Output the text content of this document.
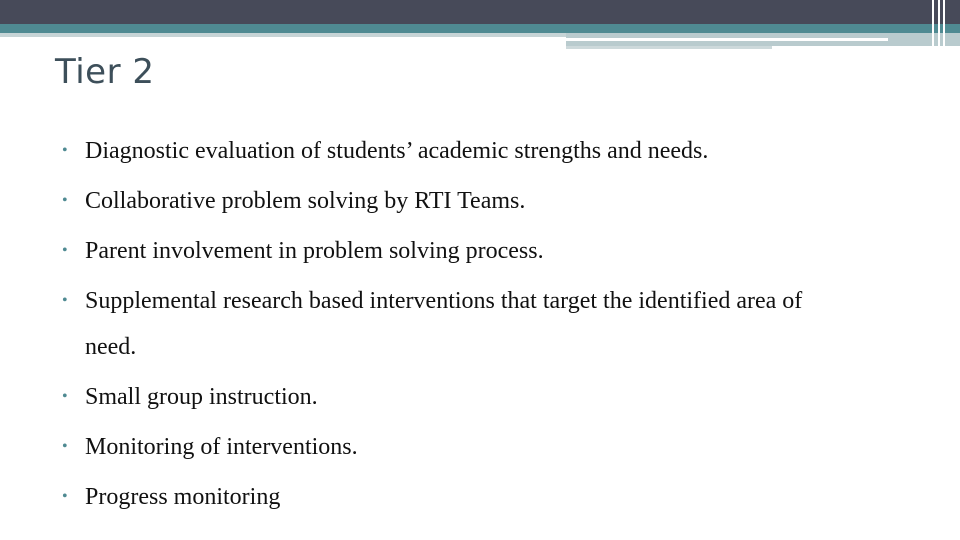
Tier 2
• Diagnostic evaluation of students’ academic strengths and needs.
• Collaborative problem solving by RTI Teams.
• Parent involvement in problem solving process.
• Supplemental research based interventions that target the identified area of need.
• Small group instruction.
• Monitoring of interventions.
• Progress monitoring
